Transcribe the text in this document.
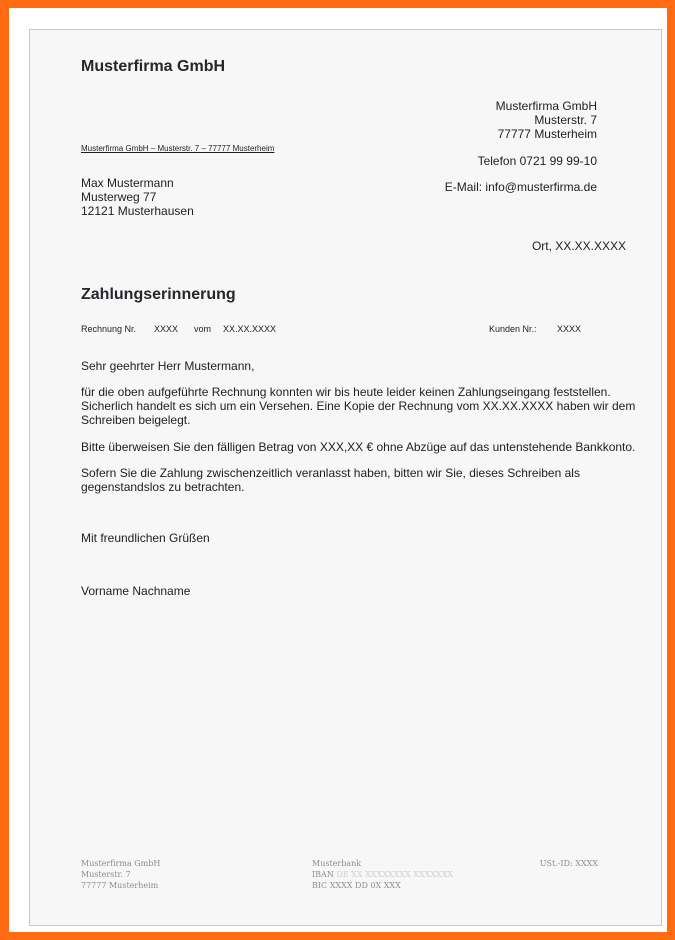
Musterfirma GmbH
Musterfirma GmbH
Musterstr. 7
77777 Musterheim
Telefon 0721 99 99-10
E-Mail: info@musterfirma.de
Musterfirma GmbH – Musterstr. 7 – 77777 Musterheim
Max Mustermann
Musterweg 77
12121 Musterhausen
Ort, XX.XX.XXXX
Zahlungserinnerung
Rechnung Nr. XXXX vom XX.XX.XXXX	Kunden Nr.: XXXX
Sehr geehrter Herr Mustermann,
für die oben aufgeführte Rechnung konnten wir bis heute leider keinen Zahlungseingang feststellen. Sicherlich handelt es sich um ein Versehen. Eine Kopie der Rechnung vom XX.XX.XXXX haben wir dem Schreiben beigelegt.
Bitte überweisen Sie den fälligen Betrag von XXX,XX € ohne Abzüge auf das untenstehende Bankkonto.
Sofern Sie die Zahlung zwischenzeitlich veranlasst haben, bitten wir Sie, dieses Schreiben als gegenstandslos zu betrachten.
Mit freundlichen Grüßen
Vorname Nachname
Musterfirma GmbH
Musterstr. 7
77777 Musterheim
Musterbank
IBAN DE XX XXXXXXXX XXXXXXX
BIC XXXX DD 0X XXX
USt.-ID: XXXX
